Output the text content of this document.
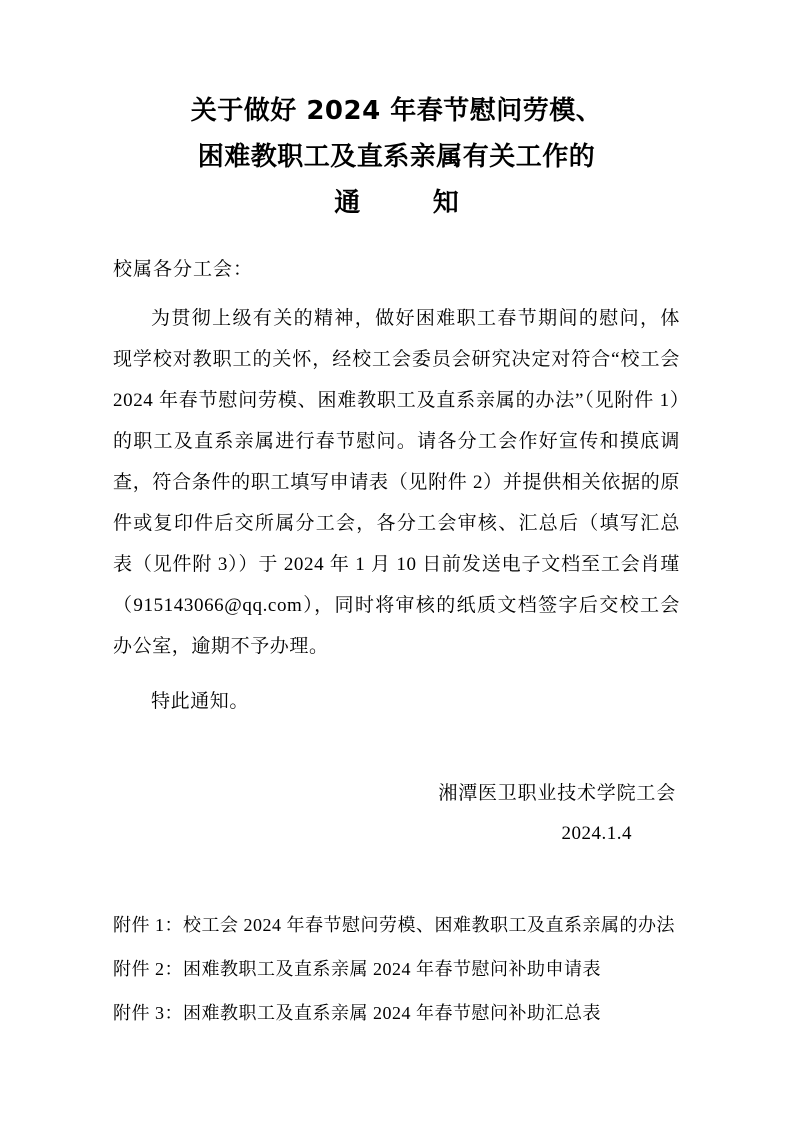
关于做好 2024 年春节慰问劳模、
困难教职工及直系亲属有关工作的
通        知

校属各分工会：

为贯彻上级有关的精神，做好困难职工春节期间的慰问，体现学校对教职工的关怀，经校工会委员会研究决定对符合“校工会 2024 年春节慰问劳模、困难教职工及直系亲属的办法”（见附件 1）的职工及直系亲属进行春节慰问。请各分工会作好宣传和摸底调查，符合条件的职工填写申请表（见附件 2）并提供相关依据的原件或复印件后交所属分工会，各分工会审核、汇总后（填写汇总表（见件附 3））于 2024 年 1 月 10 日前发送电子文档至工会肖瑾（915143066@qq.com），同时将审核的纸质文档签字后交校工会办公室，逾期不予办理。

特此通知。

湘潭医卫职业技术学院工会
2024.1.4

附件 1：校工会 2024 年春节慰问劳模、困难教职工及直系亲属的办法

附件 2：困难教职工及直系亲属 2024 年春节慰问补助申请表

附件 3：困难教职工及直系亲属 2024 年春节慰问补助汇总表
